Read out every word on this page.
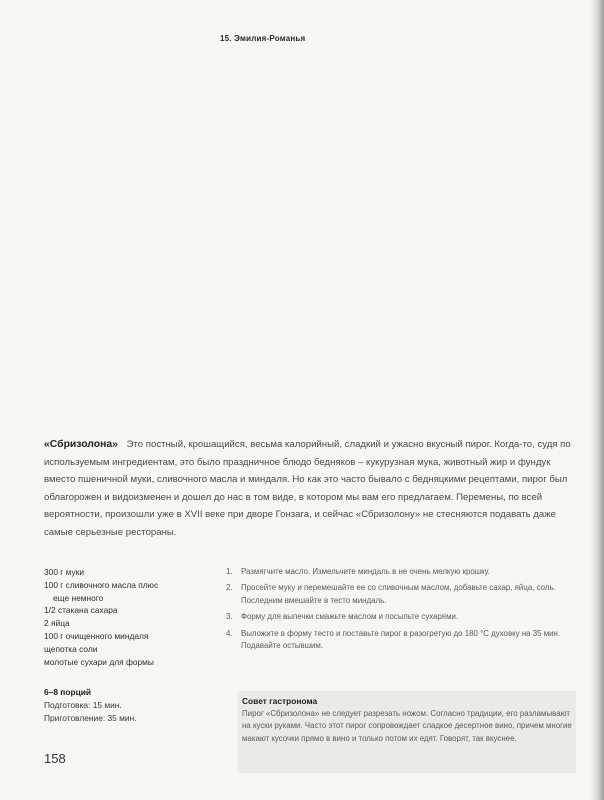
15. Эмилия-Романья
«Сбризолона» Это постный, крошащийся, весьма калорийный, сладкий и ужасно вкусный пирог. Когда-то, судя по используемым ингредиентам, это было праздничное блюдо бедняков – кукурузная мука, животный жир и фундук вместо пшеничной муки, сливочного масла и миндаля. Но как это часто бывало с бедняцкими рецептами, пирог был облагорожен и видоизменен и дошел до нас в том виде, в котором мы вам его предлагаем. Перемены, по всей вероятности, произошли уже в XVII веке при дворе Гонзага, и сейчас «Сбризолону» не стесняются подавать даже самые серьезные рестораны.
300 г муки
100 г сливочного масла плюс
еще немного
1/2 стакана сахара
2 яйца
100 г очищенного миндаля
щепотка соли
молотые сухари для формы
6–8 порций
Подготовка: 15 мин.
Приготовление: 35 мин.
1.	Размягчите масло. Измельчите миндаль в не очень мелкую крошку.
2.	Просейте муку и перемешайте ее со сливочным маслом, добавьте сахар, яйца, соль. Последним вмешайте в тесто миндаль.
3.	Форму для выпечки смажьте маслом и посыпьте сухарями.
4.	Выложите в форму тесто и поставьте пирог в разогретую до 180 °С духовку на 35 мин. Подавайте остывшим.
Совет гастронома
Пирог «Сбризолона» не следует разрезать ножом. Согласно традиции, его разламывают на куски руками. Часто этот пирог сопровождает сладкое десертное вино, причем многие макают кусочки прямо в вино и только потом их едят. Говорят, так вкуснее.
158
